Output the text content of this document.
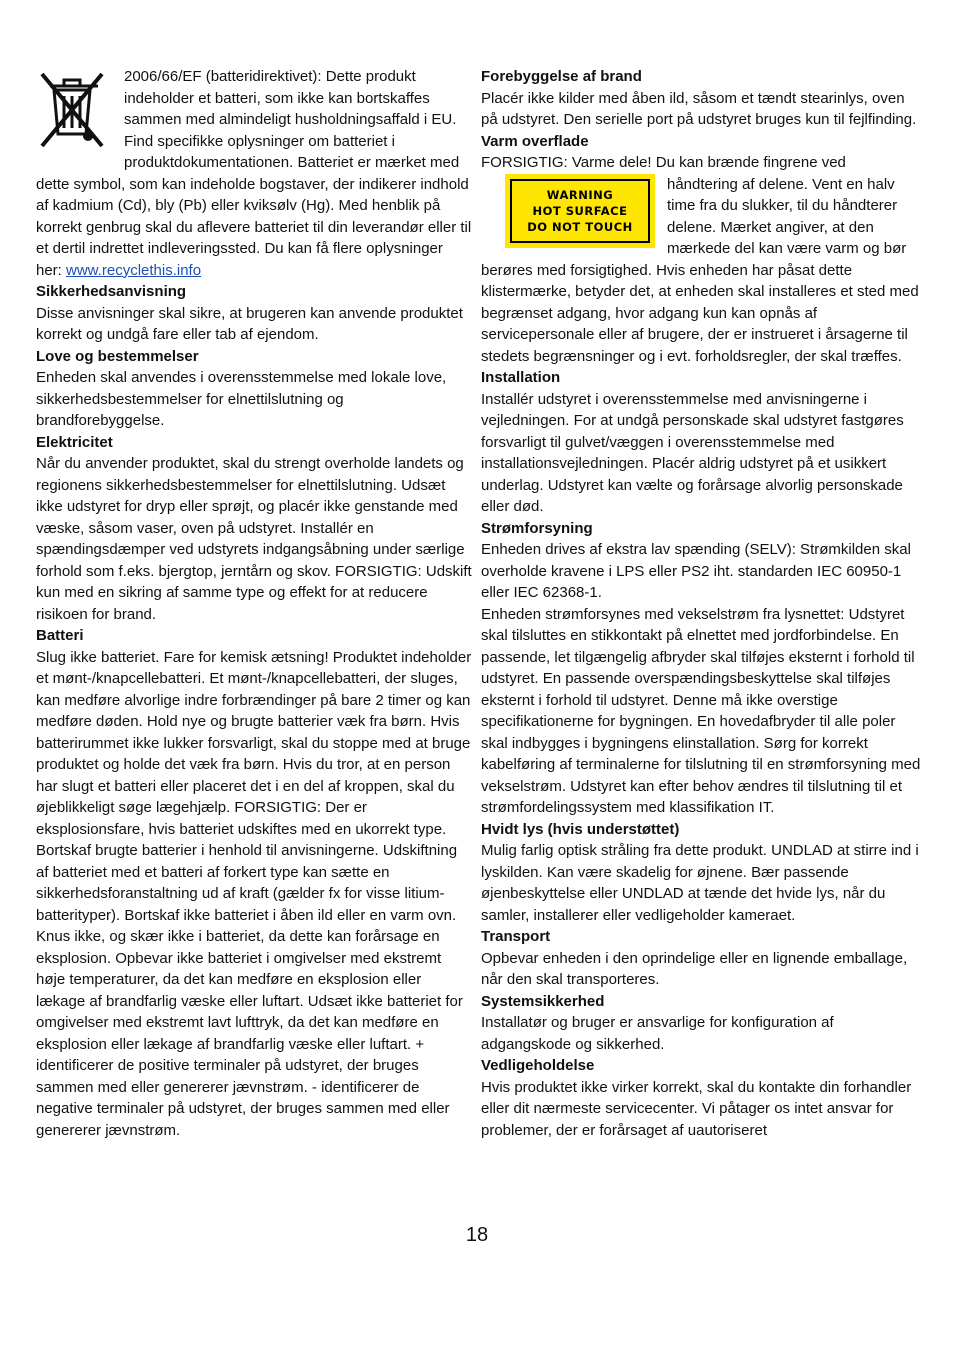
2006/66/EF (batteridirektivet): Dette produkt indeholder et batteri, som ikke kan bortskaffes sammen med almindeligt husholdningsaffald i EU. Find specifikke oplysninger om batteriet i produktdokumentationen. Batteriet er mærket med dette symbol, som kan indeholde bogstaver, der indikerer indhold af kadmium (Cd), bly (Pb) eller kviksølv (Hg). Med henblik på korrekt genbrug skal du aflevere batteriet til din leverandør eller til et dertil indrettet indleveringssted. Du kan få flere oplysninger her: www.recyclethis.info

Sikkerhedsanvisning

Disse anvisninger skal sikre, at brugeren kan anvende produktet korrekt og undgå fare eller tab af ejendom.

Love og bestemmelser

Enheden skal anvendes i overensstemmelse med lokale love, sikkerhedsbestemmelser for elnettilslutning og brandforebyggelse.

Elektricitet

Når du anvender produktet, skal du strengt overholde landets og regionens sikkerhedsbestemmelser for elnettilslutning. Udsæt ikke udstyret for dryp eller sprøjt, og placér ikke genstande med væske, såsom vaser, oven på udstyret. Installér en spændingsdæmper ved udstyrets indgangsåbning under særlige forhold som f.eks. bjergtop, jerntårn og skov. FORSIGTIG: Udskift kun med en sikring af samme type og effekt for at reducere risikoen for brand.

Batteri

Slug ikke batteriet. Fare for kemisk ætsning! Produktet indeholder et mønt-/knapcellebatteri. Et mønt-/knapcellebatteri, der sluges, kan medføre alvorlige indre forbrændinger på bare 2 timer og kan medføre døden. Hold nye og brugte batterier væk fra børn. Hvis batterirummet ikke lukker forsvarligt, skal du stoppe med at bruge produktet og holde det væk fra børn. Hvis du tror, at en person har slugt et batteri eller placeret det i en del af kroppen, skal du øjeblikkeligt søge lægehjælp. FORSIGTIG: Der er eksplosionsfare, hvis batteriet udskiftes med en ukorrekt type. Bortskaf brugte batterier i henhold til anvisningerne. Udskiftning af batteriet med et batteri af forkert type kan sætte en sikkerhedsforanstaltning ud af kraft (gælder fx for visse litium-batterityper). Bortskaf ikke batteriet i åben ild eller en varm ovn. Knus ikke, og skær ikke i batteriet, da dette kan forårsage en eksplosion. Opbevar ikke batteriet i omgivelser med ekstremt høje temperaturer, da det kan medføre en eksplosion eller lækage af brandfarlig væske eller luftart. Udsæt ikke batteriet for omgivelser med ekstremt lavt lufttryk, da det kan medføre en eksplosion eller lækage af brandfarlig væske eller luftart. + identificerer de positive terminaler på udstyret, der bruges sammen med eller genererer jævnstrøm. - identificerer de negative terminaler på udstyret, der bruges sammen med eller genererer jævnstrøm.

Forebyggelse af brand

Placér ikke kilder med åben ild, såsom et tændt stearinlys, oven på udstyret. Den serielle port på udstyret bruges kun til fejlfinding.

Varm overflade

FORSIGTIG: Varme dele! Du kan brænde fingrene ved

WARNING
HOT SURFACE
DO NOT TOUCH

håndtering af delene. Vent en halv time fra du slukker, til du håndterer delene. Mærket angiver, at den mærkede del kan være varm og bør berøres med forsigtighed. Hvis enheden har påsat dette klistermærke, betyder det, at enheden skal installeres et sted med begrænset adgang, hvor adgang kun kan opnås af servicepersonale eller af brugere, der er instrueret i årsagerne til stedets begrænsninger og i evt. forholdsregler, der skal træffes.

Installation

Installér udstyret i overensstemmelse med anvisningerne i vejledningen. For at undgå personskade skal udstyret fastgøres forsvarligt til gulvet/væggen i overensstemmelse med installationsvejledningen. Placér aldrig udstyret på et usikkert underlag. Udstyret kan vælte og forårsage alvorlig personskade eller død.

Strømforsyning

Enheden drives af ekstra lav spænding (SELV): Strømkilden skal overholde kravene i LPS eller PS2 iht. standarden IEC 60950-1 eller IEC 62368-1.

Enheden strømforsynes med vekselstrøm fra lysnettet: Udstyret skal tilsluttes en stikkontakt på elnettet med jordforbindelse. En passende, let tilgængelig afbryder skal tilføjes eksternt i forhold til udstyret. En passende overspændingsbeskyttelse skal tilføjes eksternt i forhold til udstyret. Denne må ikke overstige specifikationerne for bygningen. En hovedafbryder til alle poler skal indbygges i bygningens elinstallation. Sørg for korrekt kabelføring af terminalerne for tilslutning til en strømforsyning med vekselstrøm. Udstyret kan efter behov ændres til tilslutning til et strømfordelingssystem med klassifikation IT.

Hvidt lys (hvis understøttet)

Mulig farlig optisk stråling fra dette produkt. UNDLAD at stirre ind i lyskilden. Kan være skadelig for øjnene. Bær passende øjenbeskyttelse eller UNDLAD at tænde det hvide lys, når du samler, installerer eller vedligeholder kameraet.

Transport

Opbevar enheden i den oprindelige eller en lignende emballage, når den skal transporteres.

Systemsikkerhed

Installatør og bruger er ansvarlige for konfiguration af adgangskode og sikkerhed.

Vedligeholdelse

Hvis produktet ikke virker korrekt, skal du kontakte din forhandler eller dit nærmeste servicecenter. Vi påtager os intet ansvar for problemer, der er forårsaget af uautoriseret

18
